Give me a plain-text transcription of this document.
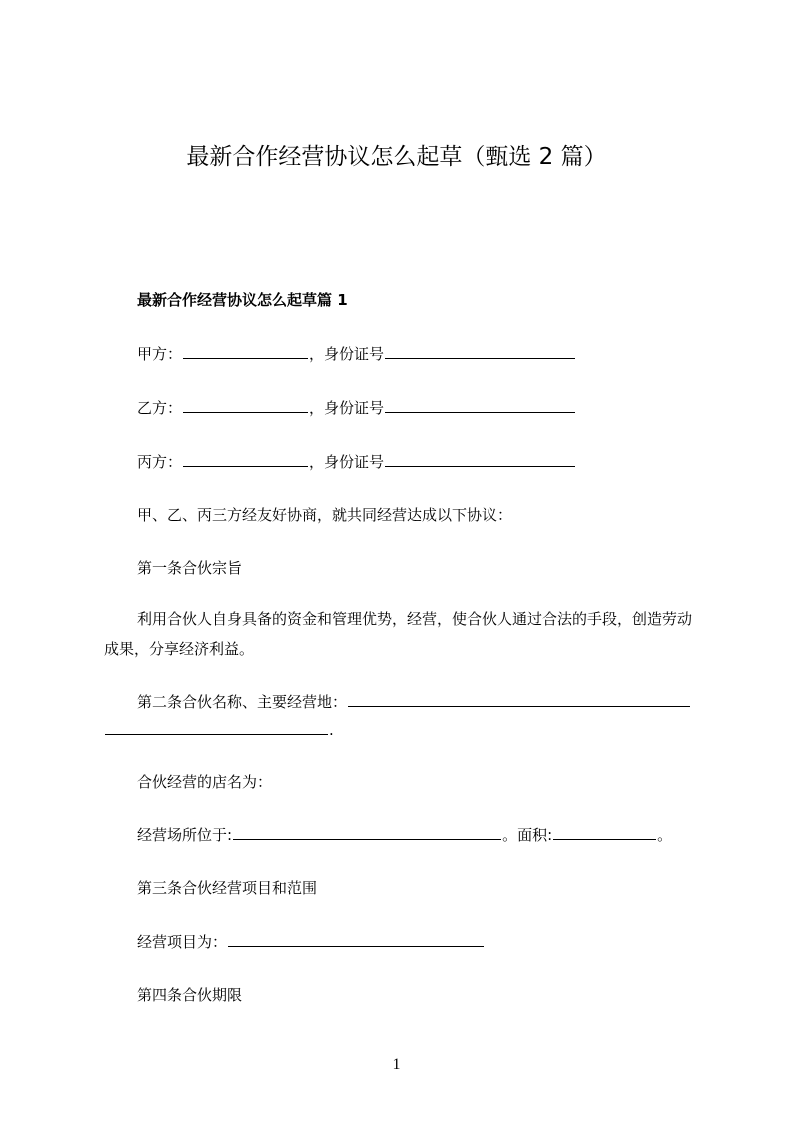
最新合作经营协议怎么起草（甄选 2 篇）
最新合作经营协议怎么起草篇 1
甲方：	，身份证号
乙方：	，身份证号
丙方：	，身份证号
甲、乙、丙三方经友好协商，就共同经营达成以下协议：
第一条合伙宗旨
利用合伙人自身具备的资金和管理优势，经营，使合伙人通过合法的手段，创造劳动成果，分享经济利益。
第二条合伙名称、主要经营地：
.
合伙经营的店名为：
经营场所位于:	。面积:	。
第三条合伙经营项目和范围
经营项目为：
第四条合伙期限
1
